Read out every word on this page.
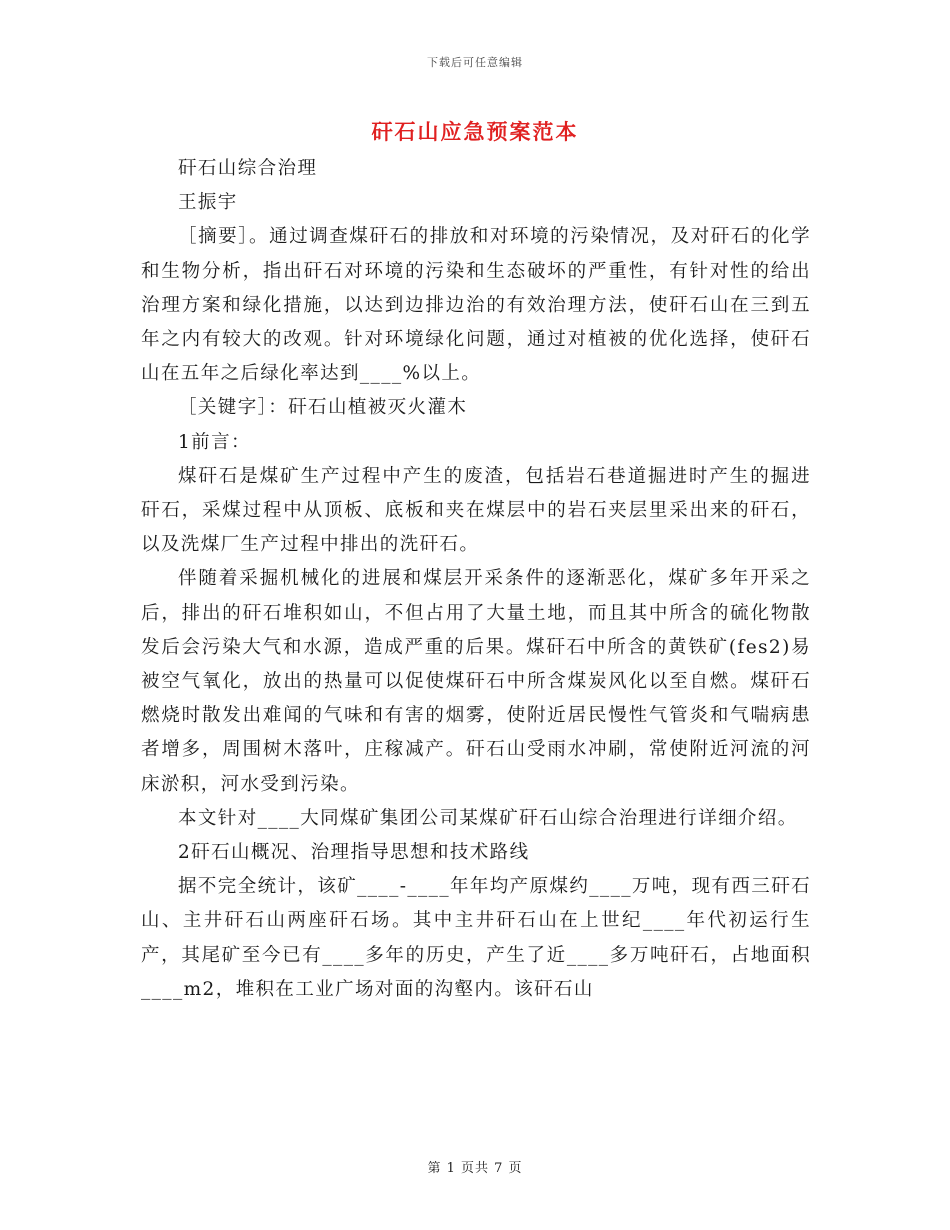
下载后可任意编辑
矸石山应急预案范本

矸石山综合治理

王振宇

［摘要］。通过调查煤矸石的排放和对环境的污染情况，及对矸石的化学和生物分析，指出矸石对环境的污染和生态破坏的严重性，有针对性的给出治理方案和绿化措施，以达到边排边治的有效治理方法，使矸石山在三到五年之内有较大的改观。针对环境绿化问题，通过对植被的优化选择，使矸石山在五年之后绿化率达到____%以上。

［关键字］：矸石山植被灭火灌木

1前言：

煤矸石是煤矿生产过程中产生的废渣，包括岩石巷道掘进时产生的掘进矸石，采煤过程中从顶板、底板和夹在煤层中的岩石夹层里采出来的矸石，以及洗煤厂生产过程中排出的洗矸石。

伴随着采掘机械化的进展和煤层开采条件的逐渐恶化，煤矿多年开采之后，排出的矸石堆积如山，不但占用了大量土地，而且其中所含的硫化物散发后会污染大气和水源，造成严重的后果。煤矸石中所含的黄铁矿(fes2)易被空气氧化，放出的热量可以促使煤矸石中所含煤炭风化以至自燃。煤矸石燃烧时散发出难闻的气味和有害的烟雾，使附近居民慢性气管炎和气喘病患者增多，周围树木落叶，庄稼减产。矸石山受雨水冲刷，常使附近河流的河床淤积，河水受到污染。

本文针对____大同煤矿集团公司某煤矿矸石山综合治理进行详细介绍。

2矸石山概况、治理指导思想和技术路线

据不完全统计，该矿____-____年年均产原煤约____万吨，现有西三矸石山、主井矸石山两座矸石场。其中主井矸石山在上世纪____年代初运行生产，其尾矿至今已有____多年的历史，产生了近____多万吨矸石，占地面积____m2，堆积在工业广场对面的沟壑内。该矸石山

第 1 页共 7 页
